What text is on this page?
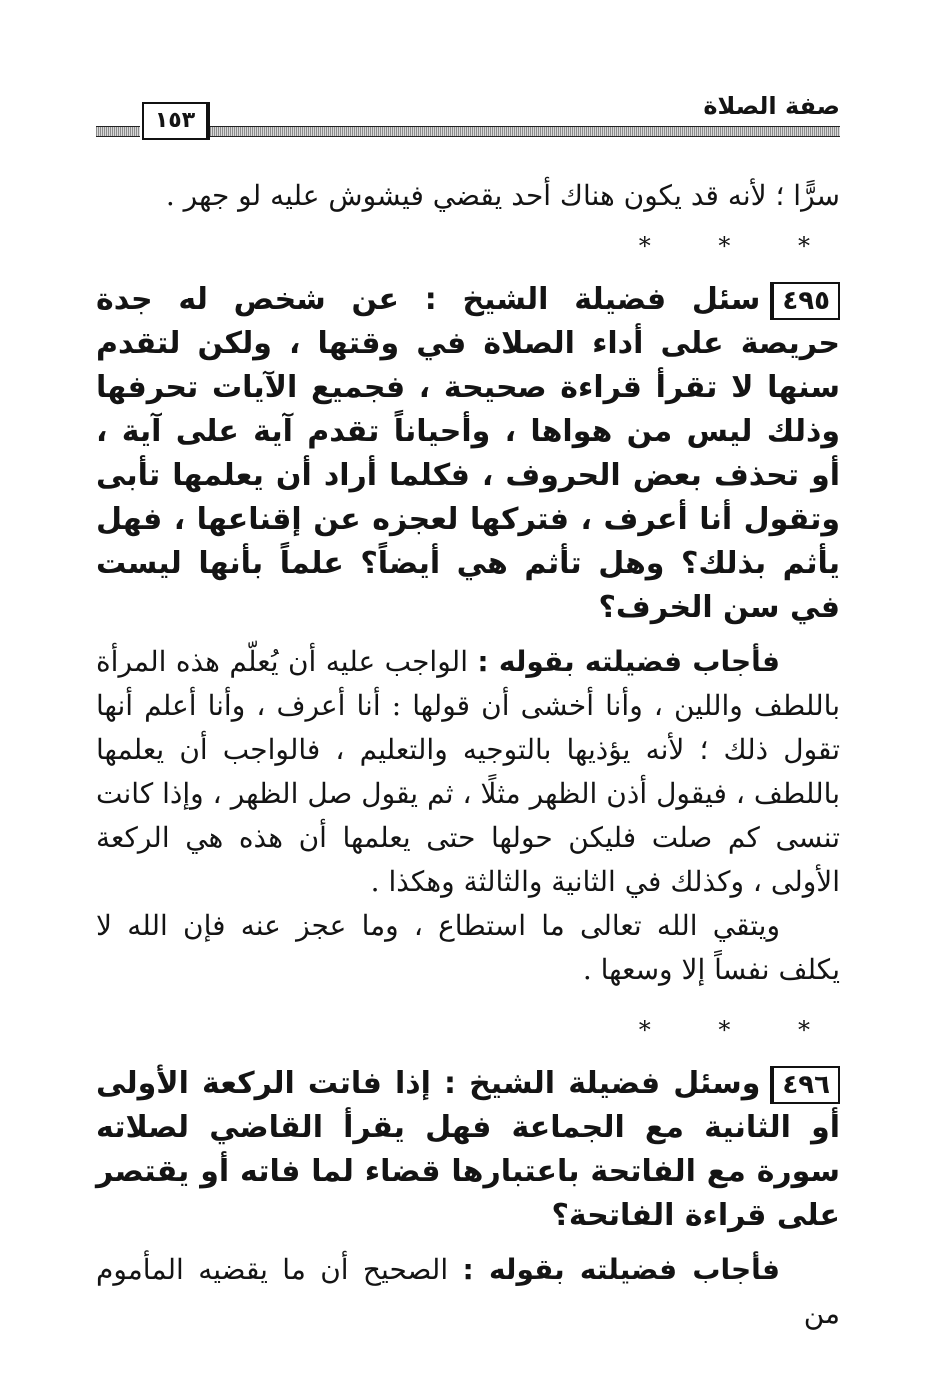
صفة الصلاة
١٥٣

سرًّا ؛ لأنه قد يكون هناك أحد يقضي فيشوش عليه لو جهر .

* * *

٤٩٥سئل فضيلة الشيخ : عن شخص له جدة حريصة على أداء الصلاة في وقتها ، ولكن لتقدم سنها لا تقرأ قراءة صحيحة ، فجميع الآيات تحرفها وذلك ليس من هواها ، وأحياناً تقدم آية على آية ، أو تحذف بعض الحروف ، فكلما أراد أن يعلمها تأبى وتقول أنا أعرف ، فتركها لعجزه عن إقناعها ، فهل يأثم بذلك؟ وهل تأثم هي أيضاً؟ علماً بأنها ليست في سن الخرف؟

فأجاب فضيلته بقوله : الواجب عليه أن يُعلّم هذه المرأة باللطف واللين ، وأنا أخشى أن قولها : أنا أعرف ، وأنا أعلم أنها تقول ذلك ؛ لأنه يؤذيها بالتوجيه والتعليم ، فالواجب أن يعلمها باللطف ، فيقول أذن الظهر مثلًا ، ثم يقول صل الظهر ، وإذا كانت تنسى كم صلت فليكن حولها حتى يعلمها أن هذه هي الركعة الأولى ، وكذلك في الثانية والثالثة وهكذا .

ويتقي الله تعالى ما استطاع ، وما عجز عنه فإن الله لا يكلف نفساً إلا وسعها .

* * *

٤٩٦وسئل فضيلة الشيخ : إذا فاتت الركعة الأولى أو الثانية مع الجماعة فهل يقرأ القاضي لصلاته سورة مع الفاتحة باعتبارها قضاء لما فاته أو يقتصر على قراءة الفاتحة؟

فأجاب فضيلته بقوله : الصحيح أن ما يقضيه المأموم من
